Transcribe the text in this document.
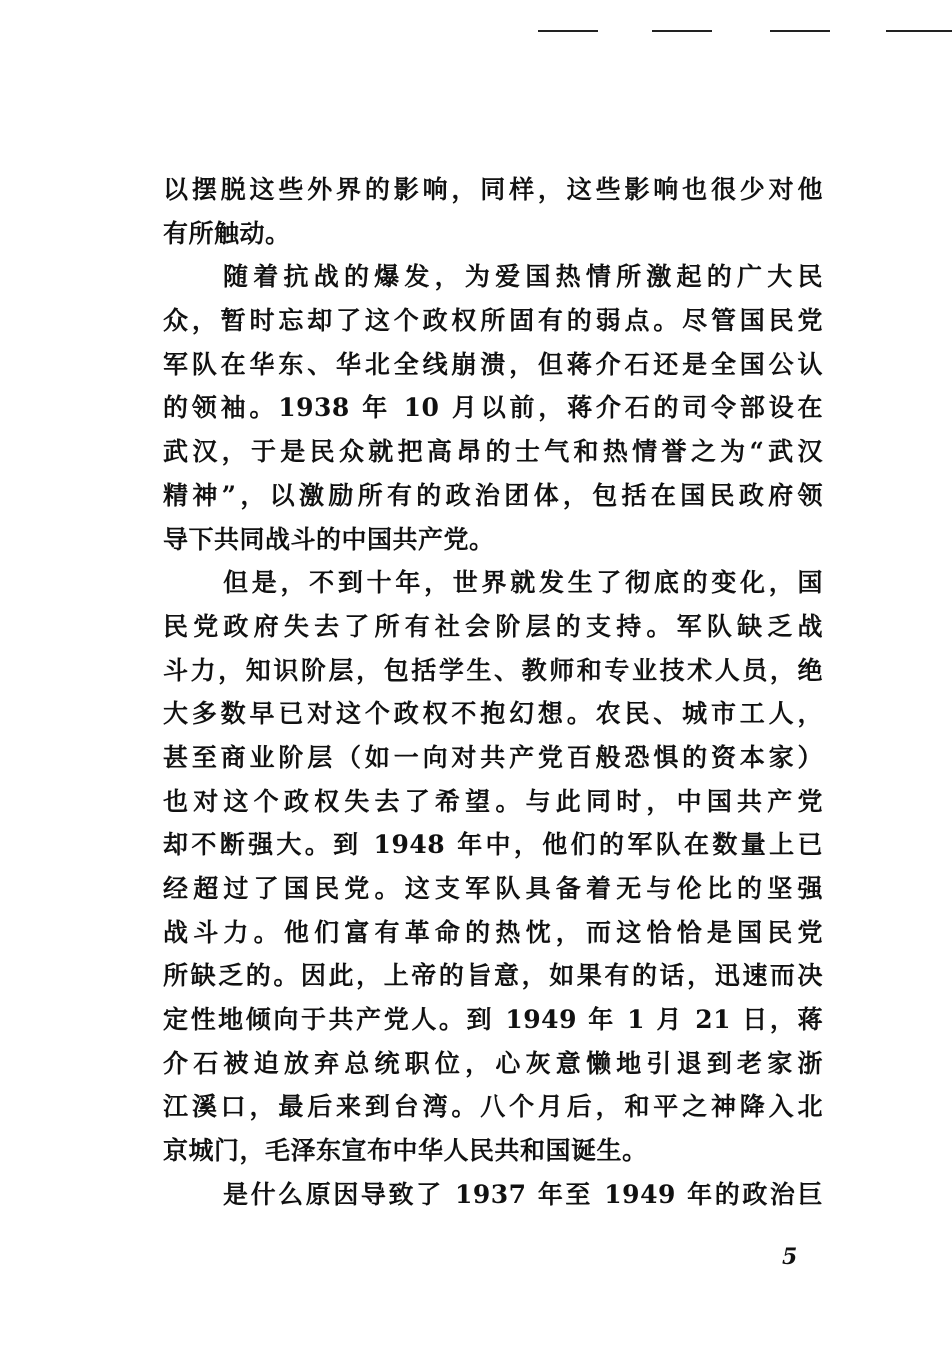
以摆脱这些外界的影响，同样，这些影响也很少对他
有所触动。
随着抗战的爆发，为爱国热情所激起的广大民
众，暂时忘却了这个政权所固有的弱点。尽管国民党
军队在华东、华北全线崩溃，但蒋介石还是全国公认
的领袖。1938 年 10 月以前，蒋介石的司令部设在
武汉，于是民众就把高昂的士气和热情誉之为“武汉
精神”，以激励所有的政治团体，包括在国民政府领
导下共同战斗的中国共产党。
但是，不到十年，世界就发生了彻底的变化，国
民党政府失去了所有社会阶层的支持。军队缺乏战
斗力，知识阶层，包括学生、教师和专业技术人员，绝
大多数早已对这个政权不抱幻想。农民、城市工人，
甚至商业阶层（如一向对共产党百般恐惧的资本家）
也对这个政权失去了希望。与此同时，中国共产党
却不断强大。到 1948 年中，他们的军队在数量上已
经超过了国民党。这支军队具备着无与伦比的坚强
战斗力。他们富有革命的热忱，而这恰恰是国民党
所缺乏的。因此，上帝的旨意，如果有的话，迅速而决
定性地倾向于共产党人。到 1949 年 1 月 21 日，蒋
介石被迫放弃总统职位，心灰意懒地引退到老家浙
江溪口，最后来到台湾。八个月后，和平之神降入北
京城门，毛泽东宣布中华人民共和国诞生。
是什么原因导致了 1937 年至 1949 年的政治巨
5
